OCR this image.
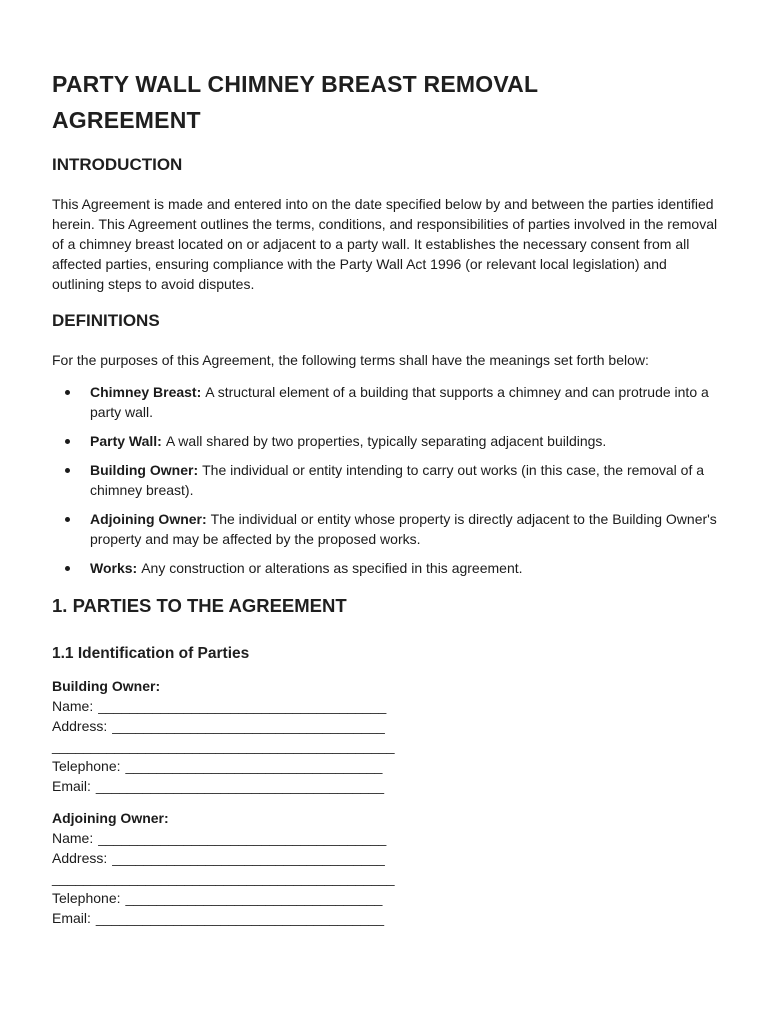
PARTY WALL CHIMNEY BREAST REMOVAL AGREEMENT
INTRODUCTION

This Agreement is made and entered into on the date specified below by and between the parties identified herein. This Agreement outlines the terms, conditions, and responsibilities of parties involved in the removal of a chimney breast located on or adjacent to a party wall. It establishes the necessary consent from all affected parties, ensuring compliance with the Party Wall Act 1996 (or relevant local legislation) and outlining steps to avoid disputes.

DEFINITIONS

For the purposes of this Agreement, the following terms shall have the meanings set forth below:

Chimney Breast: A structural element of a building that supports a chimney and can protrude into a party wall.
Party Wall: A wall shared by two properties, typically separating adjacent buildings.
Building Owner: The individual or entity intending to carry out works (in this case, the removal of a chimney breast).
Adjoining Owner: The individual or entity whose property is directly adjacent to the Building Owner's property and may be affected by the proposed works.
Works: Any construction or alterations as specified in this agreement.
1. PARTIES TO THE AGREEMENT
1.1 Identification of Parties
Building Owner:
Name: _____________________________________
Address: ___________________________________
____________________________________________
Telephone: _________________________________
Email: _____________________________________
Adjoining Owner:
Name: _____________________________________
Address: ___________________________________
____________________________________________
Telephone: _________________________________
Email: _____________________________________
